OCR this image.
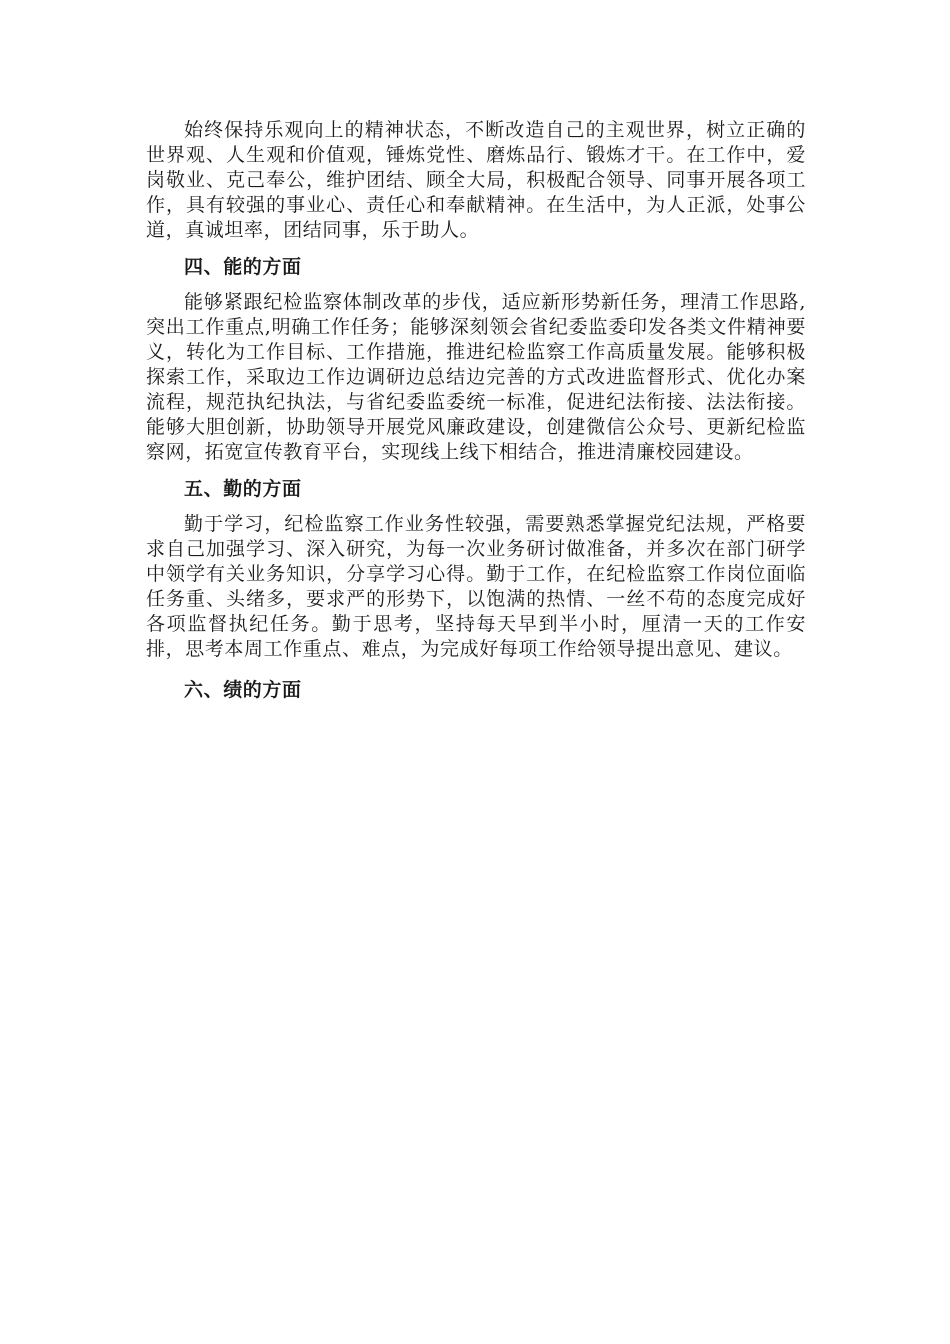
始终保持乐观向上的精神状态，不断改造自己的主观世界，树立正确的世界观、人生观和价值观，锤炼党性、磨炼品行、锻炼才干。在工作中，爱岗敬业、克己奉公，维护团结、顾全大局，积极配合领导、同事开展各项工作，具有较强的事业心、责任心和奉献精神。在生活中，为人正派，处事公道，真诚坦率，团结同事，乐于助人。

四、能的方面

能够紧跟纪检监察体制改革的步伐，适应新形势新任务，理清工作思路,突出工作重点,明确工作任务；能够深刻领会省纪委监委印发各类文件精神要义，转化为工作目标、工作措施，推进纪检监察工作高质量发展。能够积极探索工作，采取边工作边调研边总结边完善的方式改进监督形式、优化办案流程，规范执纪执法，与省纪委监委统一标准，促进纪法衔接、法法衔接。能够大胆创新，协助领导开展党风廉政建设，创建微信公众号、更新纪检监察网，拓宽宣传教育平台，实现线上线下相结合，推进清廉校园建设。

五、勤的方面

勤于学习，纪检监察工作业务性较强，需要熟悉掌握党纪法规，严格要求自己加强学习、深入研究，为每一次业务研讨做准备，并多次在部门研学中领学有关业务知识，分享学习心得。勤于工作，在纪检监察工作岗位面临任务重、头绪多，要求严的形势下，以饱满的热情、一丝不苟的态度完成好各项监督执纪任务。勤于思考，坚持每天早到半小时，厘清一天的工作安排，思考本周工作重点、难点，为完成好每项工作给领导提出意见、建议。

六、绩的方面
